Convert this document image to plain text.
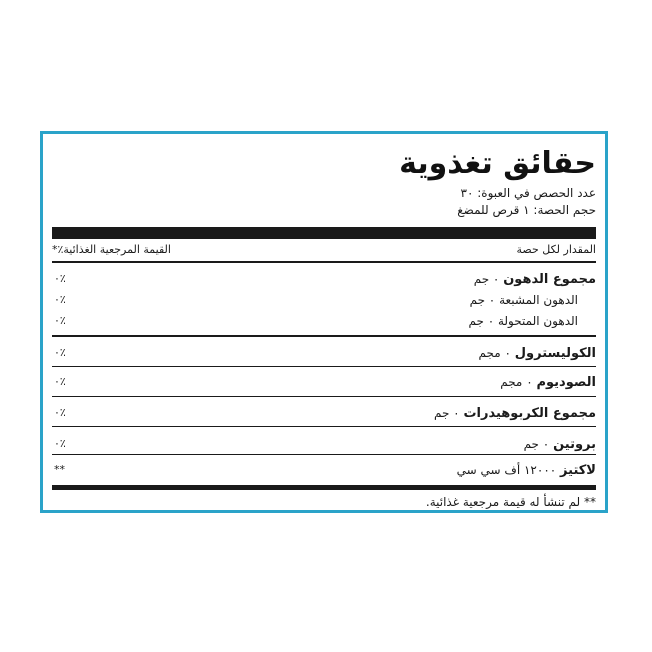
حقائق تغذوية
عدد الحصص في العبوة: ٣٠
حجم الحصة: ١ قرص للمضغ
المقدار لكل حصة
القيمة المرجعية الغذائية٪*
مجموع الدهون ٠ جم
٠٪
الدهون المشبعة ٠ جم
٠٪
الدهون المتحولة ٠ جم
٠٪
الكوليسترول ٠ مجم
٠٪
الصوديوم ٠ مجم
٠٪
مجموع الكربوهيدرات ٠ جم
٠٪
بروتين ٠ جم
٠٪
لاكتيز ١٢٠٠٠ أف سي سي
**
** لم تنشأ له قيمة مرجعية غذائية.
